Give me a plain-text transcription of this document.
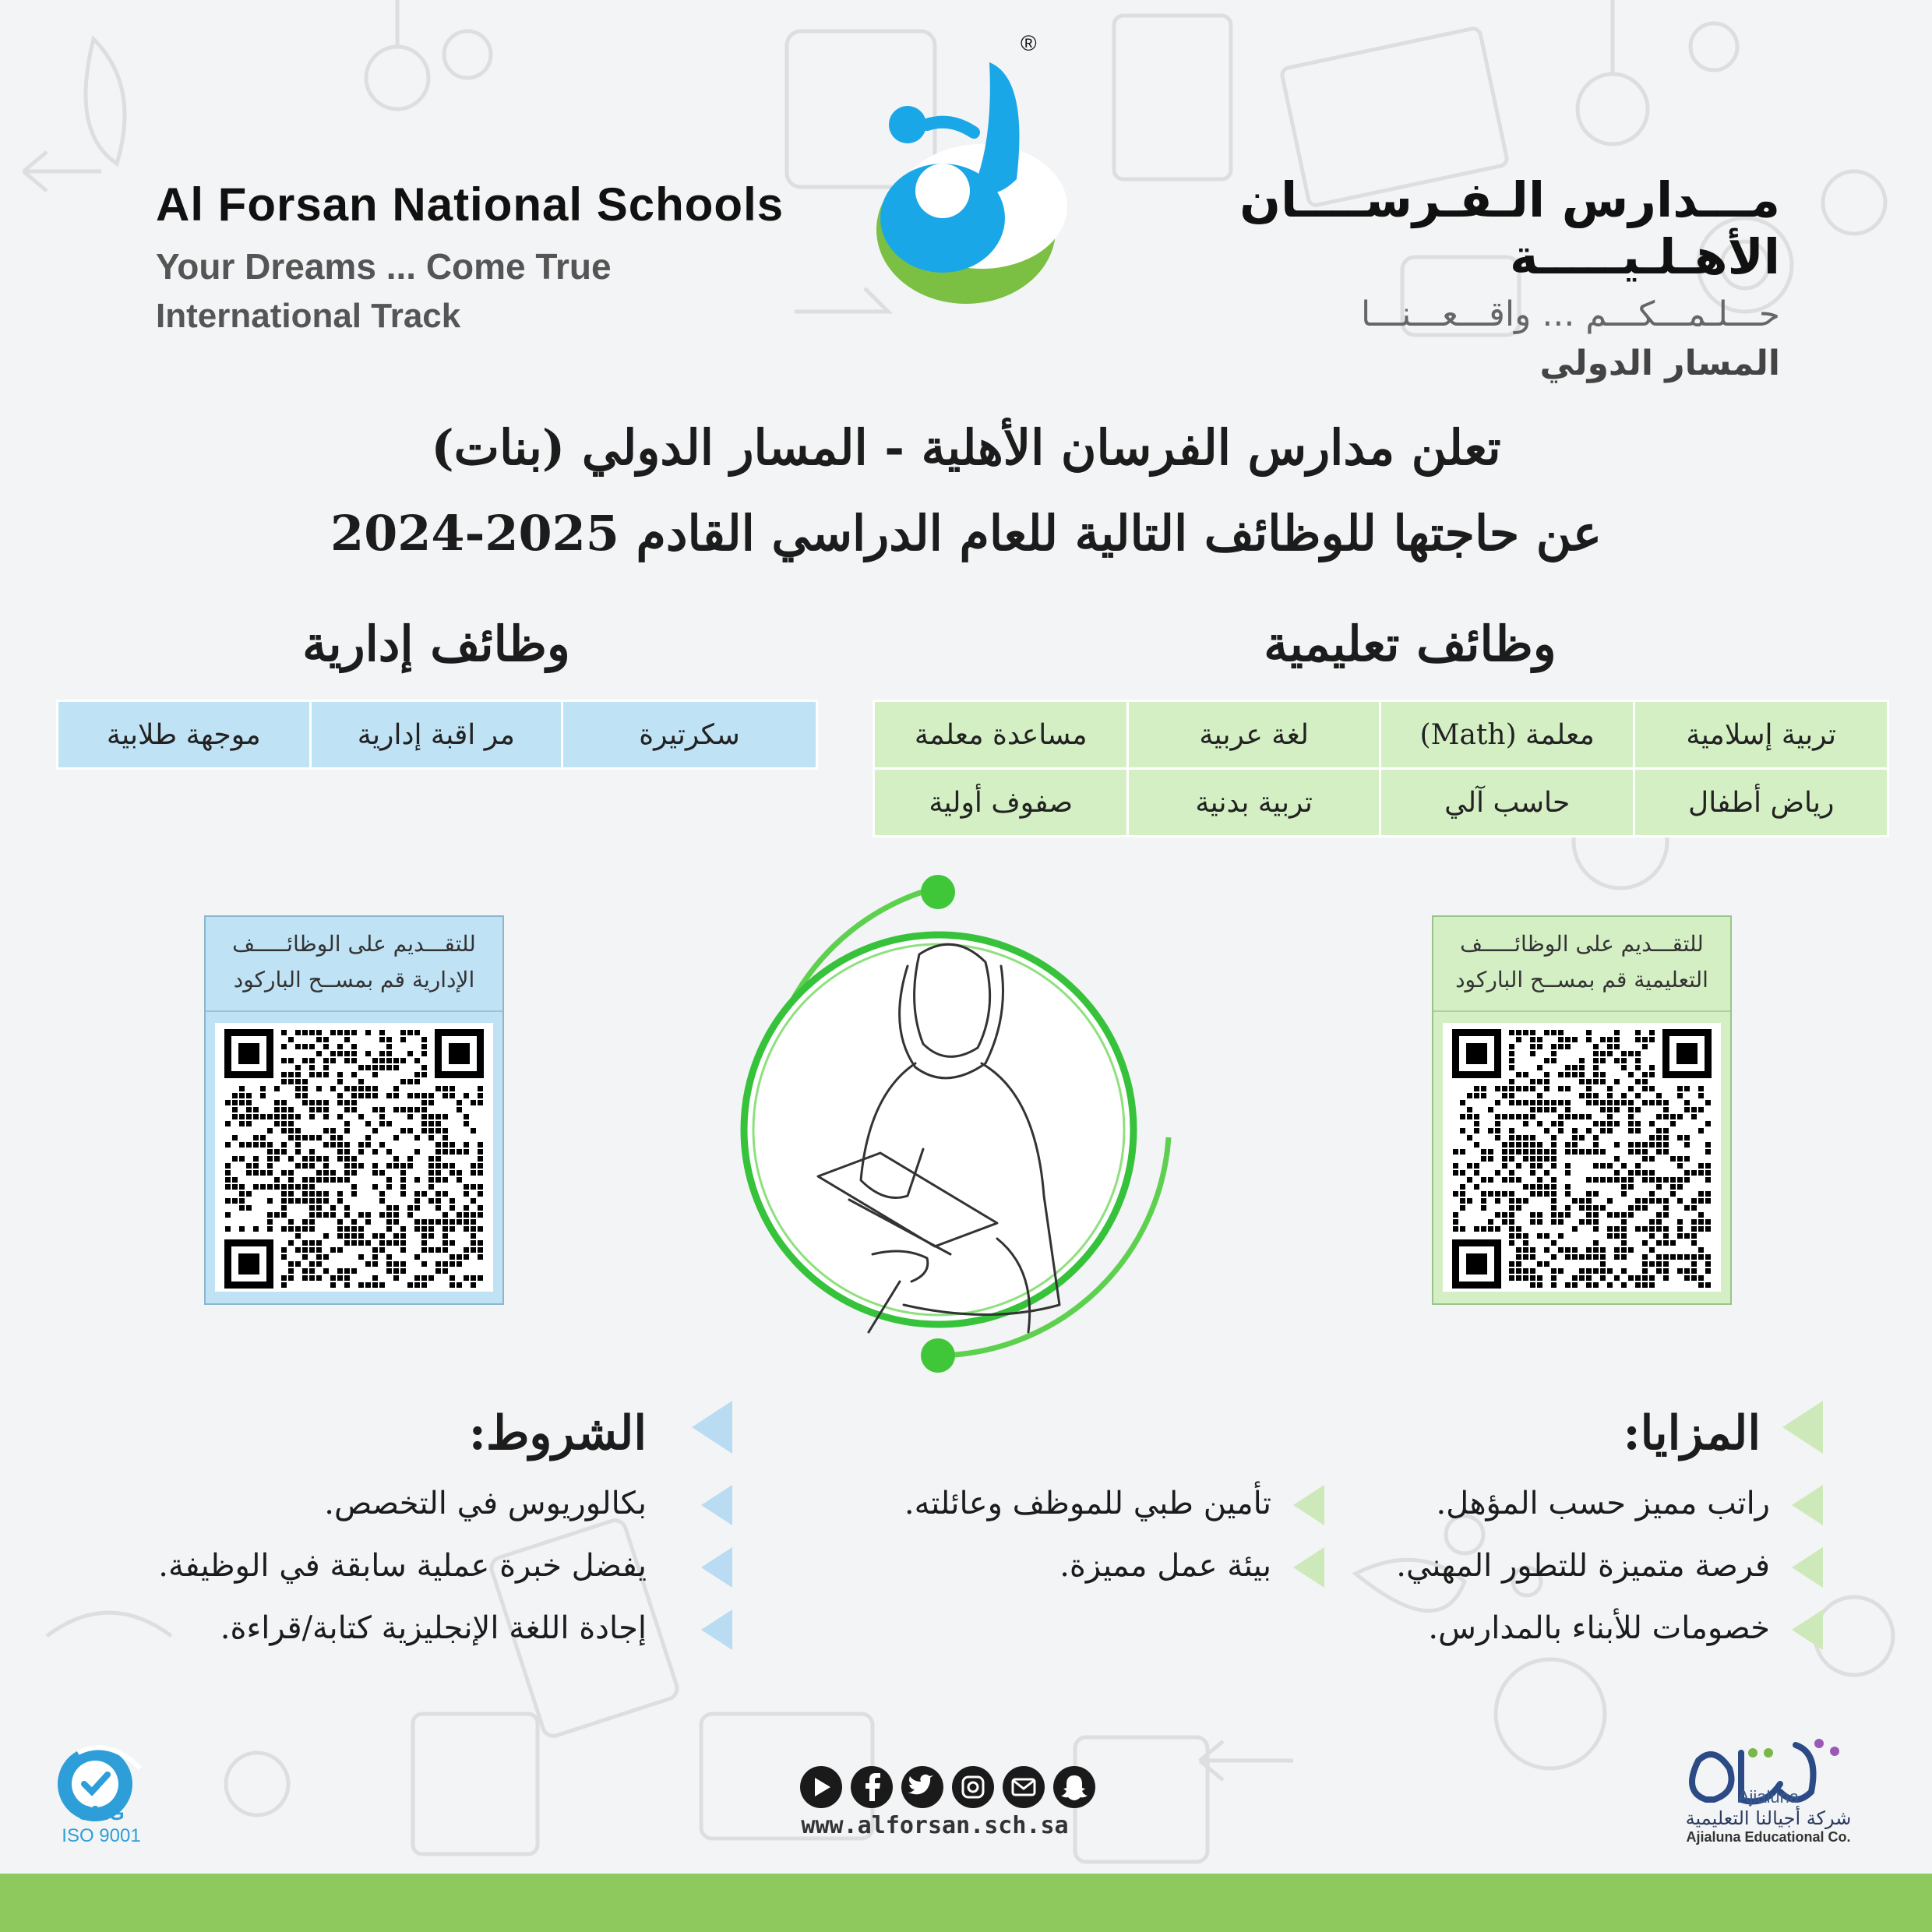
®
Al Forsan National Schools
Your Dreams ... Come True
International Track
مـــدارس الـفـرســــان الأهـلـيـــــة
حـــلـمـــكـــم ... واقـــعـــنـــا
المسار الدولي
تعلن مدارس الفرسان الأهلية - المسار الدولي (بنات)
عن حاجتها للوظائف التالية للعام الدراسي القادم 2025-2024
وظائف تعليمية
وظائف إدارية
تربية إسلامية	معلمة (Math)	لغة عربية	مساعدة معلمة
رياض أطفال	حاسب آلي	تربية بدنية	صفوف أولية
سكرتيرة	مر اقبة إدارية	موجهة طلابية
للتقـــديم على الوظائـــــف
الإدارية قم بمســح الباركود
للتقـــديم على الوظائـــــف
التعليمية قم بمســح الباركود
المزايا:
راتب مميز حسب المؤهل.
فرصة متميزة للتطور المهني.
خصومات للأبناء بالمدارس.
تأمين طبي للموظف وعائلته.
بيئة عمل مميزة.
الشروط:
بكالوريوس في التخصص.
يفضل خبرة عملية سابقة في الوظيفة.
إجادة اللغة الإنجليزية كتابة/قراءة.
www.alforsan.sch.sa
SMG
ISO 9001
Ajialuna
شركة أجيالنا التعليمية
Ajialuna Educational Co.
